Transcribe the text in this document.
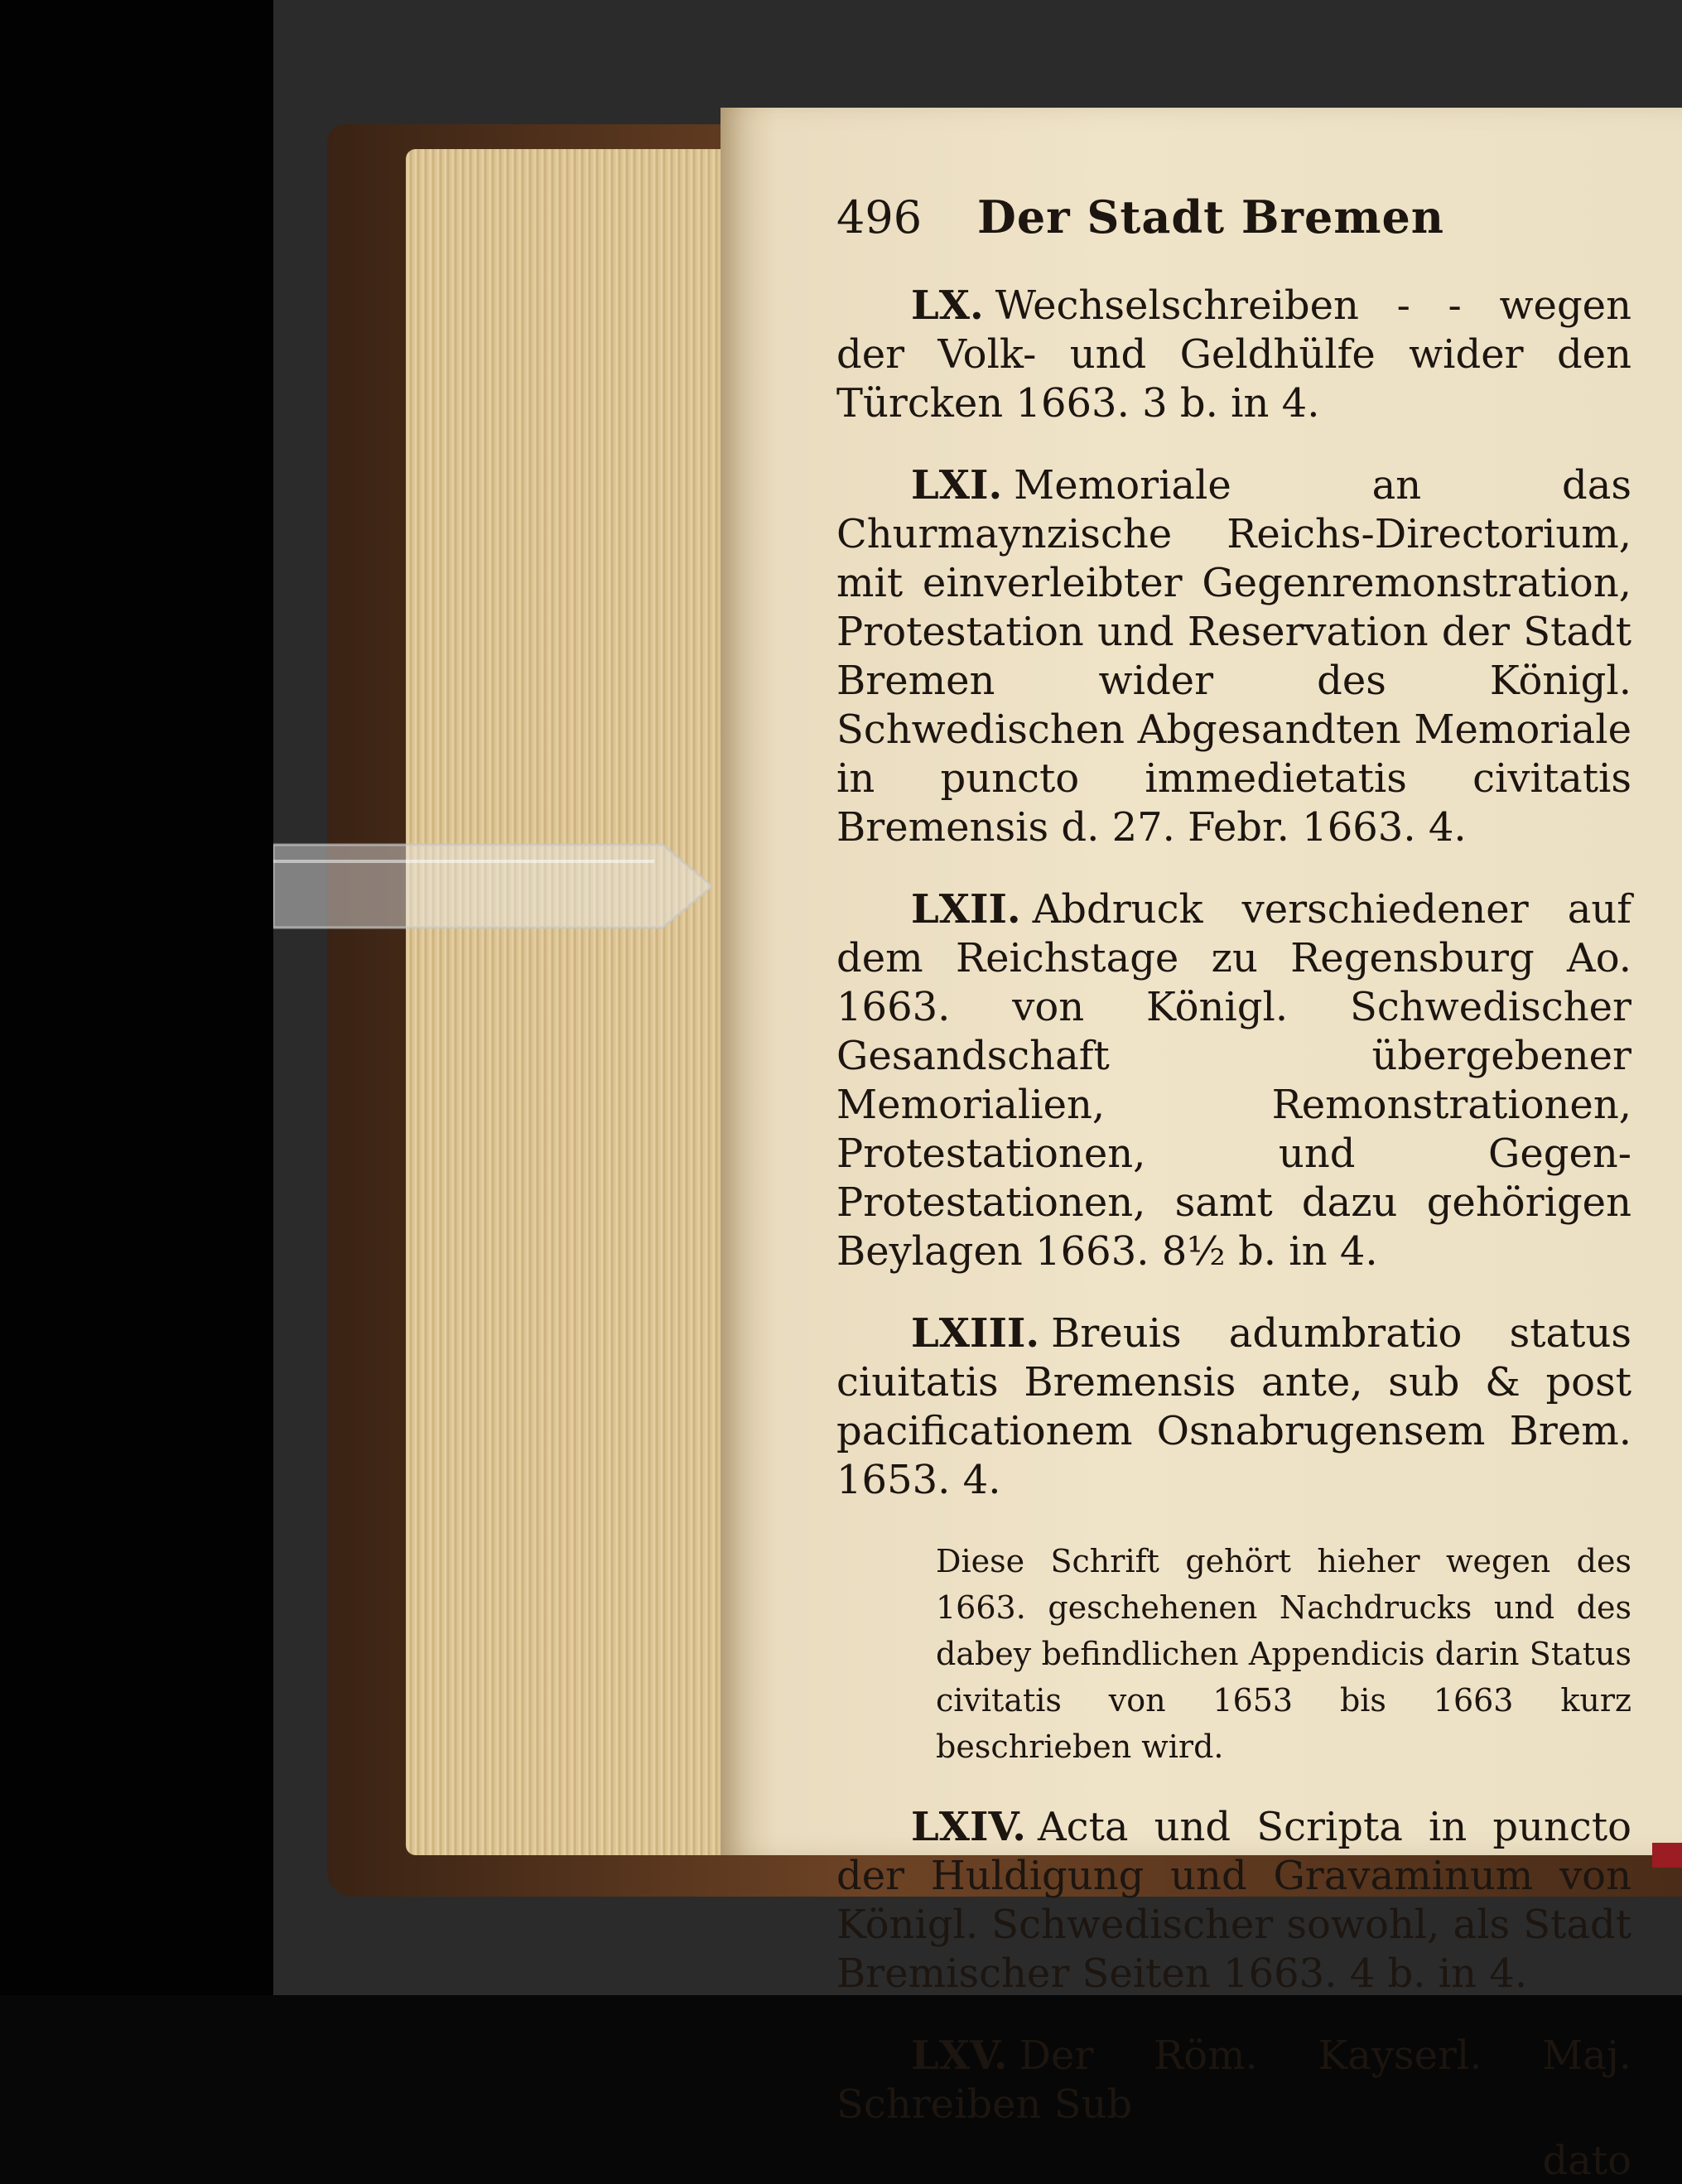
496	Der Stadt Bremen

LX. Wechselschreiben - - wegen der Volk- und Geldhülfe wider den Türcken 1663. 3 b. in 4.

LXI. Memoriale an das Churmaynzische Reichs-Directorium, mit einverleibter Gegenremonstration, Protestation und Reservation der Stadt Bremen wider des Königl. Schwedischen Abgesandten Memoriale in puncto immedietatis civitatis Bremensis d. 27. Febr. 1663. 4.

LXII. Abdruck verschiedener auf dem Reichstage zu Regensburg Ao. 1663. von Königl. Schwedischer Gesandschaft übergebener Memorialien, Remonstrationen, Protestationen, und Gegen-Protestationen, samt dazu gehörigen Beylagen 1663. 8½ b. in 4.

LXIII. Breuis adumbratio status ciuitatis Bremensis ante, sub & post pacificationem Osnabrugensem Brem. 1653. 4.

Diese Schrift gehört hieher wegen des 1663. geschehenen Nachdrucks und des dabey befindlichen Appendicis darin Status civitatis von 1653 bis 1663 kurz beschrieben wird.

LXIV. Acta und Scripta in puncto der Huldigung und Gravaminum von Königl. Schwedischer sowohl, als Stadt Bremischer Seiten 1663. 4 b. in 4.

LXV. Der Röm. Kayserl. Maj. Schreiben Sub

dato
